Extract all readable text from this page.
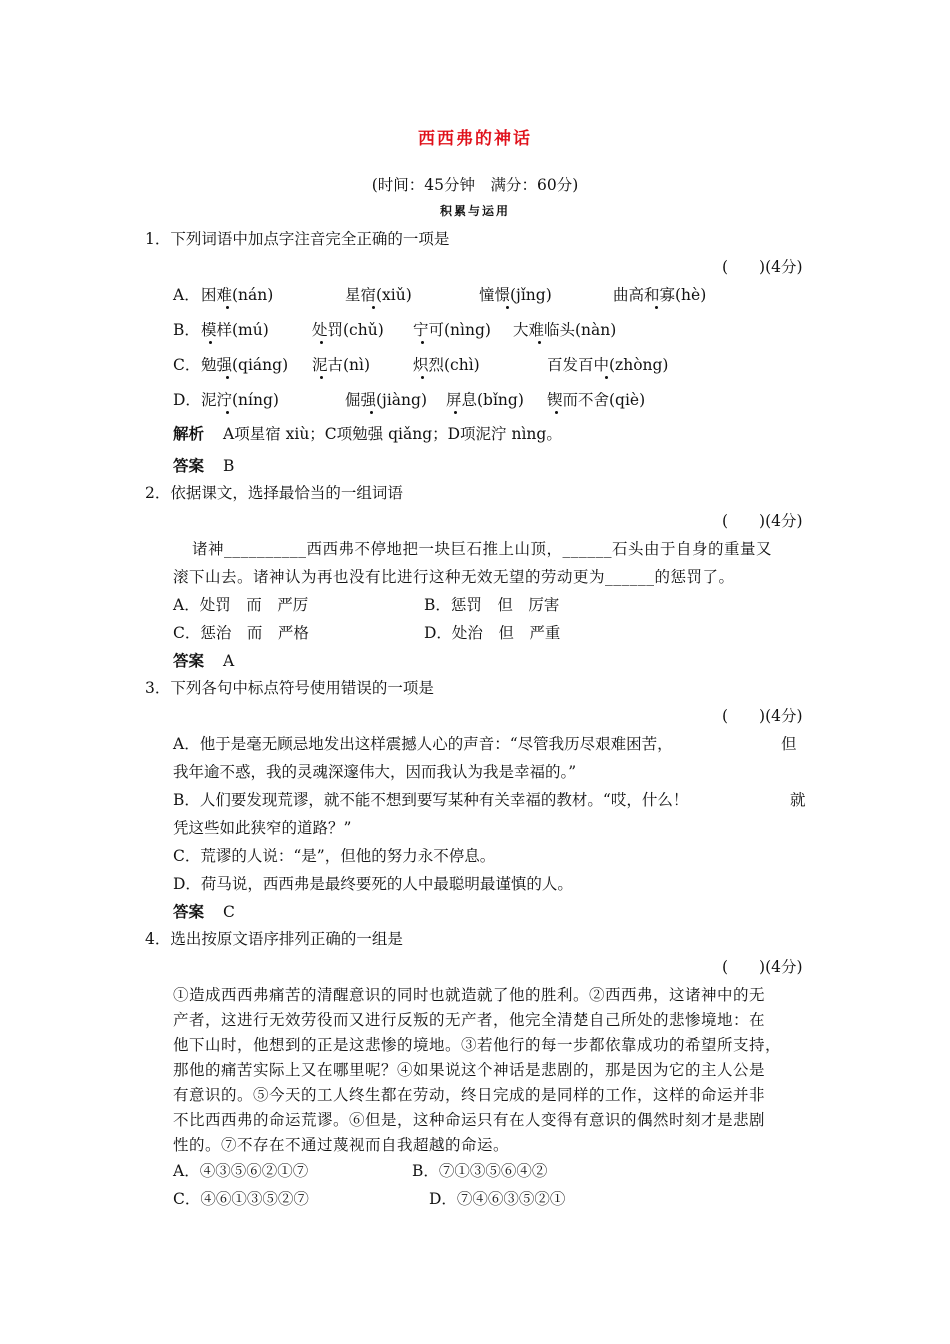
西西弗的神话
(时间：45分钟　满分：60分)
积累与运用
1．下列词语中加点字注音完全正确的一项是
(　　)(4分)
A． 困难(nán)	星宿(xiǔ)	憧憬(jǐng)	曲高和寡(hè)
B． 模样(mú)	处罚(chǔ) 宁可(nìng) 大难临头(nàn)
C． 勉强(qiáng) 泥古(nì)	炽烈(chì)	百发百中(zhòng)
D． 泥泞(níng)	倔强(jiàng) 屏息(bǐng) 锲而不舍(qiè)
解析 A项星宿 xiù；C项勉强 qiǎng；D项泥泞 nìng。
答案 B
2．依据课文，选择最恰当的一组词语
(　　)(4分)
诸神__________西西弗不停地把一块巨石推上山顶，______石头由于自身的重量又
滚下山去。诸神认为再也没有比进行这种无效无望的劳动更为______的惩罚了。
A．处罚　而　严厉	B．惩罚　但　厉害
C．惩治　而　严格	D．处治　但　严重
答案 A
3．下列各句中标点符号使用错误的一项是
(　　)(4分)
A．他于是毫无顾忌地发出这样震撼人心的声音：“尽管我历尽艰难困苦，	但
我年逾不惑，我的灵魂深邃伟大，因而我认为我是幸福的。”
B．人们要发现荒谬，就不能不想到要写某种有关幸福的教材。“哎，什么！	就
凭这些如此狭窄的道路？”
C．荒谬的人说：“是”，但他的努力永不停息。
D．荷马说，西西弗是最终要死的人中最聪明最谨慎的人。
答案 C
4．选出按原文语序排列正确的一组是
(　　)(4分)
①造成西西弗痛苦的清醒意识的同时也就造就了他的胜利。②西西弗，这诸神中的无
产者，这进行无效劳役而又进行反叛的无产者，他完全清楚自己所处的悲惨境地：在
他下山时，他想到的正是这悲惨的境地。③若他行的每一步都依靠成功的希望所支持，
那他的痛苦实际上又在哪里呢？④如果说这个神话是悲剧的，那是因为它的主人公是
有意识的。⑤今天的工人终生都在劳动，终日完成的是同样的工作，这样的命运并非
不比西西弗的命运荒谬。⑥但是，这种命运只有在人变得有意识的偶然时刻才是悲剧
性的。⑦不存在不通过蔑视而自我超越的命运。
A．④③⑤⑥②①⑦	B．⑦①③⑤⑥④②
C．④⑥①③⑤②⑦	D．⑦④⑥③⑤②①
